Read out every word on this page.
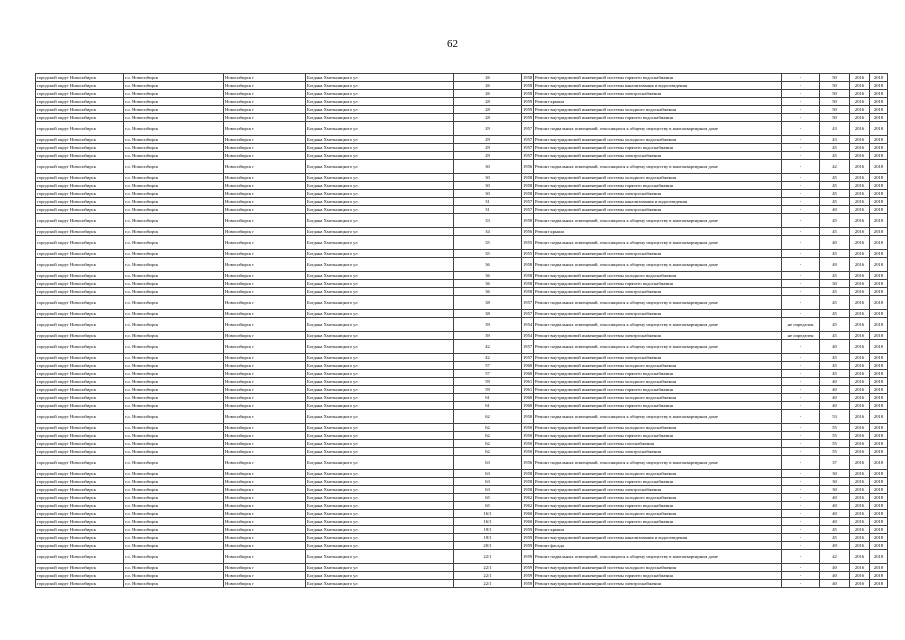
62
городской округ Новосибирск	г.о. Новосибирск	Новосибирск г	Богдана Хмельницкого ул	26	1958	Ремонт внутридомовой инженерной системы горячего водоснабжения	-	50	2016	2018
городской округ Новосибирск	г.о. Новосибирск	Новосибирск г	Богдана Хмельницкого ул	26	1958	Ремонт внутридомовой инженерной системы канализования и водоотведения	-	50	2016	2018
городской округ Новосибирск	г.о. Новосибирск	Новосибирск г	Богдана Хмельницкого ул	26	1958	Ремонт внутридомовой инженерной системы электроснабжения	-	50	2016	2018
городской округ Новосибирск	г.о. Новосибирск	Новосибирск г	Богдана Хмельницкого ул	28	1959	Ремонт крыши	-	50	2016	2018
городской округ Новосибирск	г.о. Новосибирск	Новосибирск г	Богдана Хмельницкого ул	28	1959	Ремонт внутридомовой инженерной системы холодного водоснабжения	-	50	2016	2018
городской округ Новосибирск	г.о. Новосибирск	Новосибирск г	Богдана Хмельницкого ул	28	1959	Ремонт внутридомовой инженерной системы горячего водоснабжения	-	50	2016	2018
городской округ Новосибирск	г.о. Новосибирск	Новосибирск г	Богдана Хмельницкого ул	29	1957	Ремонт подвальных помещений, относящихся к общему имуществу в многоквартирном доме	-	43	2016	2018
городской округ Новосибирск	г.о. Новосибирск	Новосибирск г	Богдана Хмельницкого ул	29	1957	Ремонт внутридомовой инженерной системы холодного водоснабжения	-	43	2016	2018
городской округ Новосибирск	г.о. Новосибирск	Новосибирск г	Богдана Хмельницкого ул	29	1957	Ремонт внутридомовой инженерной системы горячего водоснабжения	-	45	2016	2018
городской округ Новосибирск	г.о. Новосибирск	Новосибирск г	Богдана Хмельницкого ул	29	1957	Ремонт внутридомовой инженерной системы электроснабжения	-	45	2016	2018
городской округ Новосибирск	г.о. Новосибирск	Новосибирск г	Богдана Хмельницкого ул	30	1956	Ремонт подвальных помещений, относящихся к общему имуществу в многоквартирном доме	-	42	2016	2018
городской округ Новосибирск	г.о. Новосибирск	Новосибирск г	Богдана Хмельницкого ул	30	1958	Ремонт внутридомовой инженерной системы холодного водоснабжения	-	45	2016	2018
городской округ Новосибирск	г.о. Новосибирск	Новосибирск г	Богдана Хмельницкого ул	30	1958	Ремонт внутридомовой инженерной системы горячего водоснабжения	-	45	2016	2018
городской округ Новосибирск	г.о. Новосибирск	Новосибирск г	Богдана Хмельницкого ул	30	1958	Ремонт внутридомовой инженерной системы электроснабжения	-	45	2016	2018
городской округ Новосибирск	г.о. Новосибирск	Новосибирск г	Богдана Хмельницкого ул	31	1957	Ремонт внутридомовой инженерной системы канализования и водоотведения	-	45	2016	2018
городской округ Новосибирск	г.о. Новосибирск	Новосибирск г	Богдана Хмельницкого ул	31	1957	Ремонт внутридомовой инженерной системы электроснабжения	-	40	2016	2018
городской округ Новосибирск	г.о. Новосибирск	Новосибирск г	Богдана Хмельницкого ул	33	1958	Ремонт подвальных помещений, относящихся к общему имуществу в многоквартирном доме	-	45	2016	2018
городской округ Новосибирск	г.о. Новосибирск	Новосибирск г	Богдана Хмельницкого ул	34	1956	Ремонт крыши	-	45	2016	2018
городской округ Новосибирск	г.о. Новосибирск	Новосибирск г	Богдана Хмельницкого ул	35	1955	Ремонт подвальных помещений, относящихся к общему имуществу в многоквартирном доме	-	40	2016	2018
городской округ Новосибирск	г.о. Новосибирск	Новосибирск г	Богдана Хмельницкого ул	35	1955	Ремонт внутридомовой инженерной системы электроснабжения	-	45	2016	2018
городской округ Новосибирск	г.о. Новосибирск	Новосибирск г	Богдана Хмельницкого ул	36	1958	Ремонт подвальных помещений, относящихся к общему имуществу в многоквартирном доме	-	49	2016	2018
городской округ Новосибирск	г.о. Новосибирск	Новосибирск г	Богдана Хмельницкого ул	36	1958	Ремонт внутридомовой инженерной системы холодного водоснабжения	-	45	2016	2018
городской округ Новосибирск	г.о. Новосибирск	Новосибирск г	Богдана Хмельницкого ул	36	1958	Ремонт внутридомовой инженерной системы горячего водоснабжения	-	30	2016	2018
городской округ Новосибирск	г.о. Новосибирск	Новосибирск г	Богдана Хмельницкого ул	36	1958	Ремонт внутридомовой инженерной системы электроснабжения	-	45	2016	2018
городской округ Новосибирск	г.о. Новосибирск	Новосибирск г	Богдана Хмельницкого ул	38	1957	Ремонт подвальных помещений, относящихся к общему имуществу в многоквартирном доме	-	45	2016	2018
городской округ Новосибирск	г.о. Новосибирск	Новосибирск г	Богдана Хмельницкого ул	38	1957	Ремонт внутридомовой инженерной системы электроснабжения	-	45	2016	2018
городской округ Новосибирск	г.о. Новосибирск	Новосибирск г	Богдана Хмельницкого ул	39	1954	Ремонт подвальных помещений, относящихся к общему имуществу в многоквартирном доме	не определен	45	2016	2018
городской округ Новосибирск	г.о. Новосибирск	Новосибирск г	Богдана Хмельницкого ул	39	1954	Ремонт внутридомовой инженерной системы электроснабжения	не определен	45	2016	2018
городской округ Новосибирск	г.о. Новосибирск	Новосибирск г	Богдана Хмельницкого ул	42	1957	Ремонт подвальных помещений, относящихся к общему имуществу в многоквартирном доме	-	40	2016	2018
городской округ Новосибирск	г.о. Новосибирск	Новосибирск г	Богдана Хмельницкого ул	42	1957	Ремонт внутридомовой инженерной системы электроснабжения	-	45	2016	2018
городской округ Новосибирск	г.о. Новосибирск	Новосибирск г	Богдана Хмельницкого ул	57	1960	Ремонт внутридомовой инженерной системы холодного водоснабжения	-	45	2016	2018
городской округ Новосибирск	г.о. Новосибирск	Новосибирск г	Богдана Хмельницкого ул	57	1960	Ремонт внутридомовой инженерной системы горячего водоснабжения	-	45	2016	2018
городской округ Новосибирск	г.о. Новосибирск	Новосибирск г	Богдана Хмельницкого ул	59	1961	Ремонт внутридомовой инженерной системы холодного водоснабжения	-	40	2016	2018
городской округ Новосибирск	г.о. Новосибирск	Новосибирск г	Богдана Хмельницкого ул	59	1961	Ремонт внутридомовой инженерной системы горячего водоснабжения	-	40	2016	2018
городской округ Новосибирск	г.о. Новосибирск	Новосибирск г	Богдана Хмельницкого ул	61	1960	Ремонт внутридомовой инженерной системы холодного водоснабжения	-	40	2016	2018
городской округ Новосибирск	г.о. Новосибирск	Новосибирск г	Богдана Хмельницкого ул	61	1960	Ремонт внутридомовой инженерной системы горячего водоснабжения	-	40	2016	2018
городской округ Новосибирск	г.о. Новосибирск	Новосибирск г	Богдана Хмельницкого ул	62	1950	Ремонт подвальных помещений, относящихся к общему имуществу в многоквартирном доме	-	53	2016	2018
городской округ Новосибирск	г.о. Новосибирск	Новосибирск г	Богдана Хмельницкого ул	62	1950	Ремонт внутридомовой инженерной системы холодного водоснабжения	-	55	2016	2018
городской округ Новосибирск	г.о. Новосибирск	Новосибирск г	Богдана Хмельницкого ул	62	1950	Ремонт внутридомовой инженерной системы горячего водоснабжения	-	55	2016	2018
городской округ Новосибирск	г.о. Новосибирск	Новосибирск г	Богдана Хмельницкого ул	62	1950	Ремонт внутридомовой инженерной системы газоснабжения	-	55	2016	2018
городской округ Новосибирск	г.о. Новосибирск	Новосибирск г	Богдана Хмельницкого ул	62	1950	Ремонт внутридомовой инженерной системы электроснабжения	-	55	2016	2018
городской округ Новосибирск	г.о. Новосибирск	Новосибирск г	Богдана Хмельницкого ул	63	1956	Ремонт подвальных помещений, относящихся к общему имуществу в многоквартирном доме	-	37	2016	2018
городской округ Новосибирск	г.о. Новосибирск	Новосибирск г	Богдана Хмельницкого ул	63	1958	Ремонт внутридомовой инженерной системы холодного водоснабжения	-	30	2016	2018
городской округ Новосибирск	г.о. Новосибирск	Новосибирск г	Богдана Хмельницкого ул	63	1958	Ремонт внутридомовой инженерной системы горячего водоснабжения	-	30	2016	2018
городской округ Новосибирск	г.о. Новосибирск	Новосибирск г	Богдана Хмельницкого ул	63	1958	Ремонт внутридомовой инженерной системы электроснабжения	-	30	2016	2018
городской округ Новосибирск	г.о. Новосибирск	Новосибирск г	Богдана Хмельницкого ул	65	1962	Ремонт внутридомовой инженерной системы холодного водоснабжения	-	40	2016	2018
городской округ Новосибирск	г.о. Новосибирск	Новосибирск г	Богдана Хмельницкого ул	65	1962	Ремонт внутридомовой инженерной системы горячего водоснабжения	-	40	2016	2018
городской округ Новосибирск	г.о. Новосибирск	Новосибирск г	Богдана Хмельницкого ул	16/1	1960	Ремонт внутридомовой инженерной системы холодного водоснабжения	-	40	2016	2018
городской округ Новосибирск	г.о. Новосибирск	Новосибирск г	Богдана Хмельницкого ул	16/1	1960	Ремонт внутридомовой инженерной системы горячего водоснабжения	-	40	2016	2018
городской округ Новосибирск	г.о. Новосибирск	Новосибирск г	Богдана Хмельницкого ул	18/1	1959	Ремонт крыши	-	45	2016	2018
городской округ Новосибирск	г.о. Новосибирск	Новосибирск г	Богдана Хмельницкого ул	18/1	1959	Ремонт внутридомовой инженерной системы канализования и водоотведения	-	45	2016	2018
городской округ Новосибирск	г.о. Новосибирск	Новосибирск г	Богдана Хмельницкого ул	20/1	1959	Ремонт фасада	-	49	2016	2018
городской округ Новосибирск	г.о. Новосибирск	Новосибирск г	Богдана Хмельницкого ул	22/1	1959	Ремонт подвальных помещений, относящихся к общему имуществу в многоквартирном доме	-	42	2016	2018
городской округ Новосибирск	г.о. Новосибирск	Новосибирск г	Богдана Хмельницкого ул	22/1	1959	Ремонт внутридомовой инженерной системы холодного водоснабжения	-	40	2016	2018
городской округ Новосибирск	г.о. Новосибирск	Новосибирск г	Богдана Хмельницкого ул	22/1	1959	Ремонт внутридомовой инженерной системы горячего водоснабжения	-	40	2016	2018
городской округ Новосибирск	г.о. Новосибирск	Новосибирск г	Богдана Хмельницкого ул	22/1	1959	Ремонт внутридомовой инженерной системы электроснабжения	-	40	2016	2018
